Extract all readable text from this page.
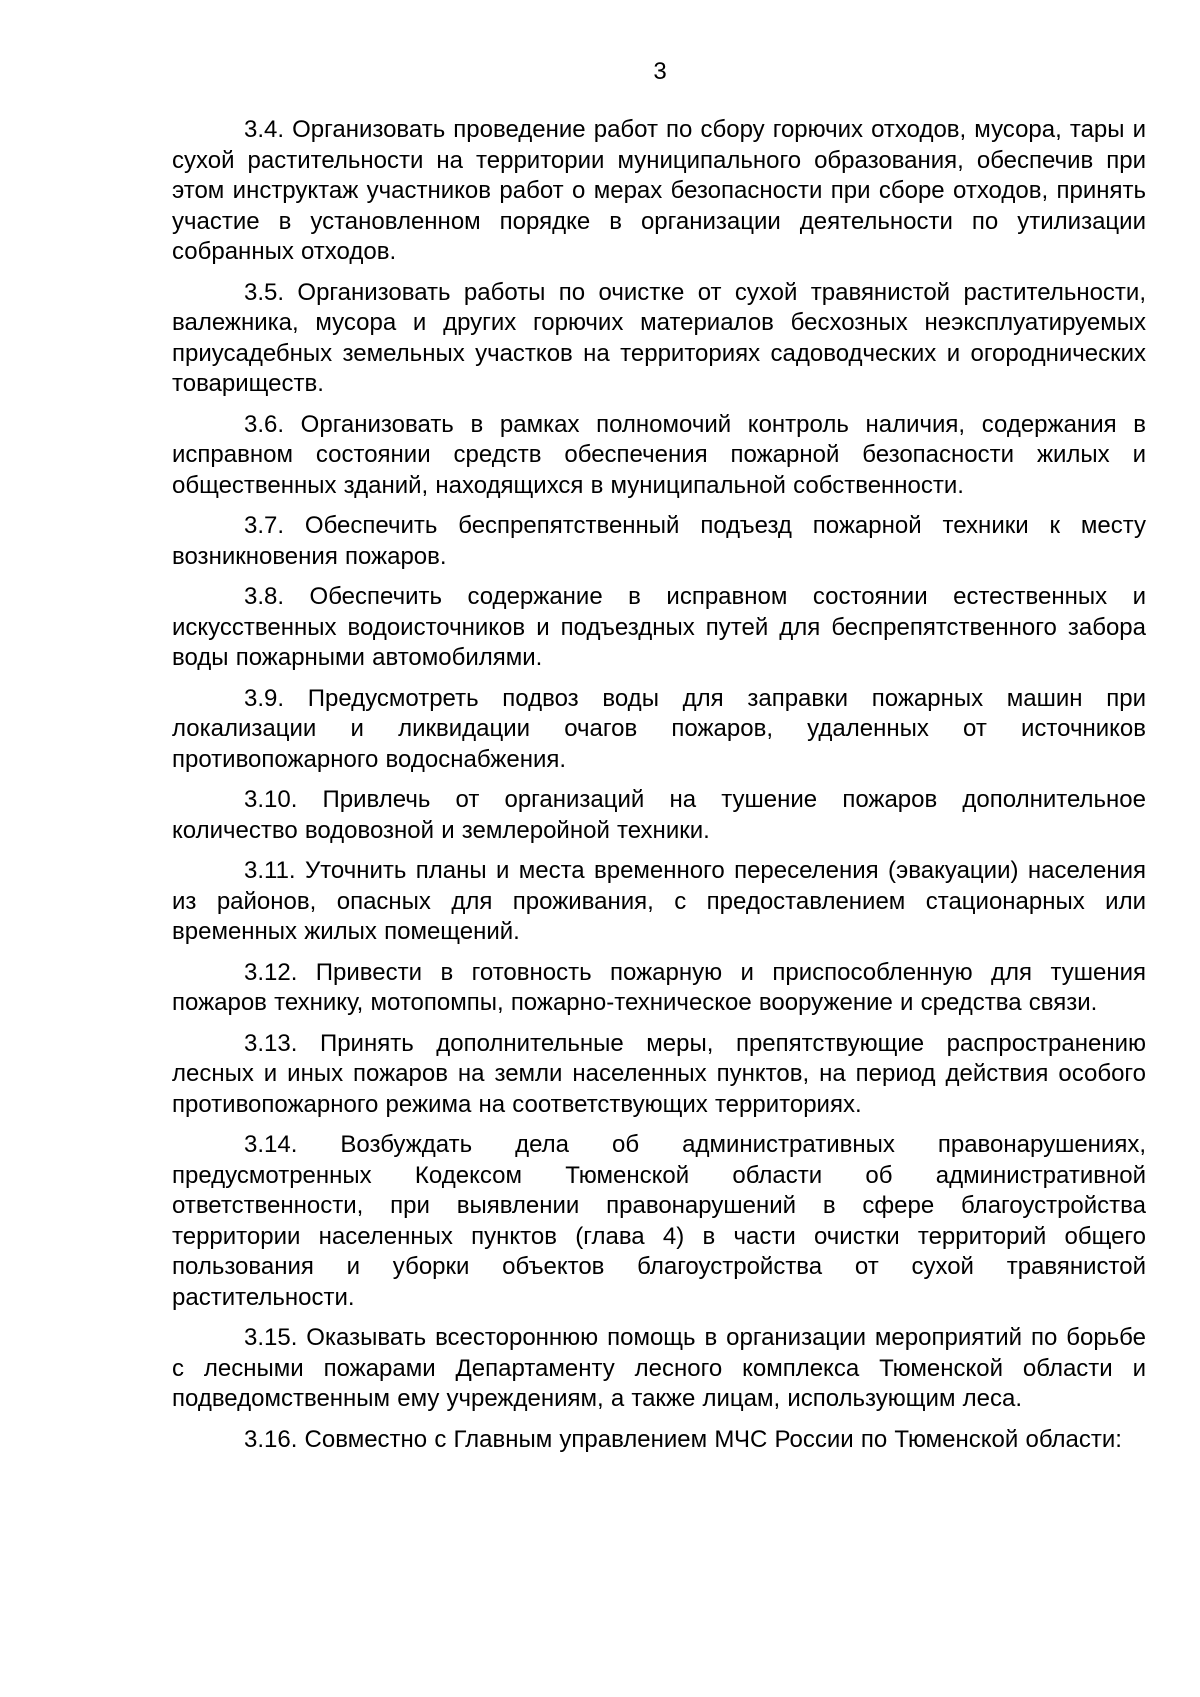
3

3.4. Организовать проведение работ по сбору горючих отходов, мусора, тары и сухой растительности на территории муниципального образования, обеспечив при этом инструктаж участников работ о мерах безопасности при сборе отходов, принять участие в установленном порядке в организации деятельности по утилизации собранных отходов.

3.5. Организовать работы по очистке от сухой травянистой растительности, валежника, мусора и других горючих материалов бесхозных неэксплуатируемых приусадебных земельных участков на территориях садоводческих и огороднических товариществ.

3.6. Организовать в рамках полномочий контроль наличия, содержания в исправном состоянии средств обеспечения пожарной безопасности жилых и общественных зданий, находящихся в муниципальной собственности.

3.7. Обеспечить беспрепятственный подъезд пожарной техники к месту возникновения пожаров.

3.8. Обеспечить содержание в исправном состоянии естественных и искусственных водоисточников и подъездных путей для беспрепятственного забора воды пожарными автомобилями.

3.9. Предусмотреть подвоз воды для заправки пожарных машин при локализации и ликвидации очагов пожаров, удаленных от источников противопожарного водоснабжения.

3.10. Привлечь от организаций на тушение пожаров дополнительное количество водовозной и землеройной техники.

3.11. Уточнить планы и места временного переселения (эвакуации) населения из районов, опасных для проживания, с предоставлением стационарных или временных жилых помещений.

3.12. Привести в готовность пожарную и приспособленную для тушения пожаров технику, мотопомпы, пожарно-техническое вооружение и средства связи.

3.13. Принять дополнительные меры, препятствующие распространению лесных и иных пожаров на земли населенных пунктов, на период действия особого противопожарного режима на соответствующих территориях.

3.14. Возбуждать дела об административных правонарушениях, предусмотренных Кодексом Тюменской области об административной ответственности, при выявлении правонарушений в сфере благоустройства территории населенных пунктов (глава 4) в части очистки территорий общего пользования и уборки объектов благоустройства от сухой травянистой растительности.

3.15. Оказывать всестороннюю помощь в организации мероприятий по борьбе с лесными пожарами Департаменту лесного комплекса Тюменской области и подведомственным ему учреждениям, а также лицам, использующим леса.

3.16. Совместно с Главным управлением МЧС России по Тюменской области:
